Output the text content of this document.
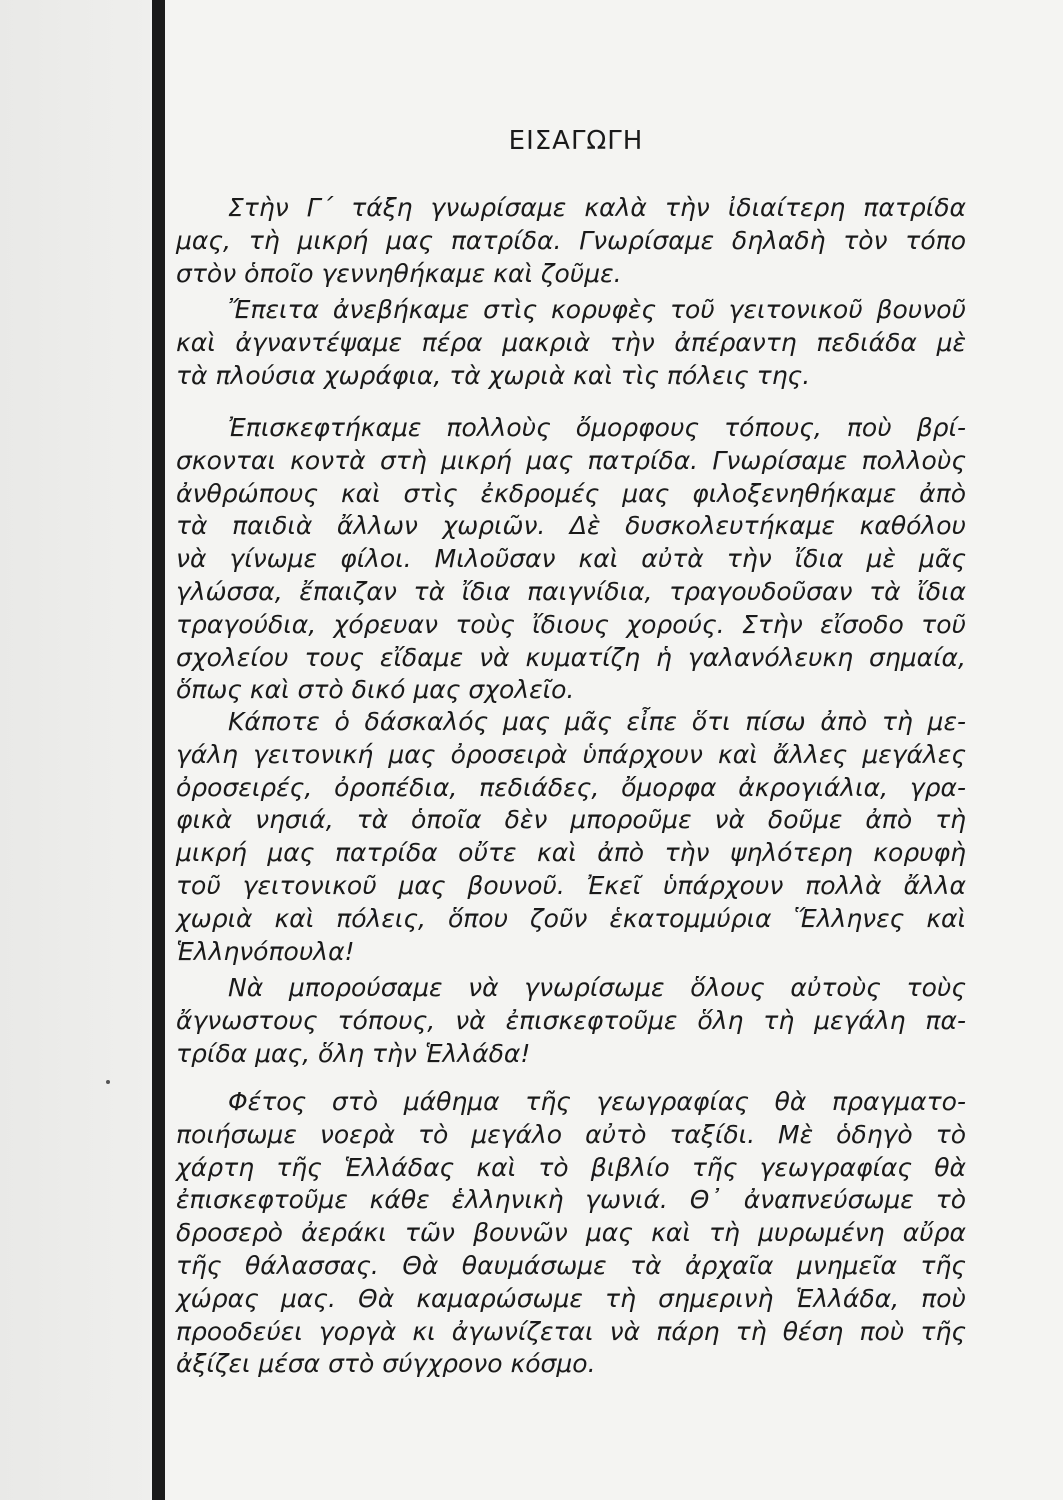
ΕΙΣΑΓΩΓΗ
Στὴν Γ΄ τάξη γνωρίσαμε καλὰ τὴν ἰδιαίτερη πατρίδα
μας, τὴ μικρή μας πατρίδα. Γνωρίσαμε δηλαδὴ τὸν τόπο
στὸν ὁποῖο γεννηθήκαμε καὶ ζοῦμε.
Ἔπειτα ἀνεβήκαμε στὶς κορυφὲς τοῦ γειτονικοῦ βουνοῦ
καὶ ἀγναντέψαμε πέρα μακριὰ τὴν ἀπέραντη πεδιάδα μὲ
τὰ πλούσια χωράφια, τὰ χωριὰ καὶ τὶς πόλεις της.
Ἐπισκεφτήκαμε πολλοὺς ὄμορφους τόπους, ποὺ βρί-
σκονται κοντὰ στὴ μικρή μας πατρίδα. Γνωρίσαμε πολλοὺς
ἀνθρώπους καὶ στὶς ἐκδρομές μας φιλοξενηθήκαμε ἀπὸ
τὰ παιδιὰ ἄλλων χωριῶν. Δὲ δυσκολευτήκαμε καθόλου
νὰ γίνωμε φίλοι. Μιλοῦσαν καὶ αὐτὰ τὴν ἴδια μὲ μᾶς
γλώσσα, ἔπαιζαν τὰ ἴδια παιγνίδια, τραγουδοῦσαν τὰ ἴδια
τραγούδια, χόρευαν τοὺς ἴδιους χορούς. Στὴν εἴσοδο τοῦ
σχολείου τους εἴδαμε νὰ κυματίζη ἡ γαλανόλευκη σημαία,
ὅπως καὶ στὸ δικό μας σχολεῖο.
Κάποτε ὁ δάσκαλός μας μᾶς εἶπε ὅτι πίσω ἀπὸ τὴ με-
γάλη γειτονική μας ὀροσειρὰ ὑπάρχουν καὶ ἄλλες μεγάλες
ὀροσειρές, ὀροπέδια, πεδιάδες, ὄμορφα ἀκρογιάλια, γρα-
φικὰ νησιά, τὰ ὁποῖα δὲν μποροῦμε νὰ δοῦμε ἀπὸ τὴ
μικρή μας πατρίδα οὔτε καὶ ἀπὸ τὴν ψηλότερη κορυφὴ
τοῦ γειτονικοῦ μας βουνοῦ. Ἐκεῖ ὑπάρχουν πολλὰ ἄλλα
χωριὰ καὶ πόλεις, ὅπου ζοῦν ἑκατομμύρια Ἕλληνες καὶ
Ἑλληνόπουλα!
Νὰ μπορούσαμε νὰ γνωρίσωμε ὅλους αὐτοὺς τοὺς
ἄγνωστους τόπους, νὰ ἐπισκεφτοῦμε ὅλη τὴ μεγάλη πα-
τρίδα μας, ὅλη τὴν Ἑλλάδα!
Φέτος στὸ μάθημα τῆς γεωγραφίας θὰ πραγματο-
ποιήσωμε νοερὰ τὸ μεγάλο αὐτὸ ταξίδι. Μὲ ὁδηγὸ τὸ
χάρτη τῆς Ἑλλάδας καὶ τὸ βιβλίο τῆς γεωγραφίας θὰ
ἐπισκεφτοῦμε κάθε ἑλληνικὴ γωνιά. Θ᾽ ἀναπνεύσωμε τὸ
δροσερὸ ἀεράκι τῶν βουνῶν μας καὶ τὴ μυρωμένη αὔρα
τῆς θάλασσας. Θὰ θαυμάσωμε τὰ ἀρχαῖα μνημεῖα τῆς
χώρας μας. Θὰ καμαρώσωμε τὴ σημερινὴ Ἑλλάδα, ποὺ
προοδεύει γοργὰ κι ἀγωνίζεται νὰ πάρη τὴ θέση ποὺ τῆς
ἀξίζει μέσα στὸ σύγχρονο κόσμο.
